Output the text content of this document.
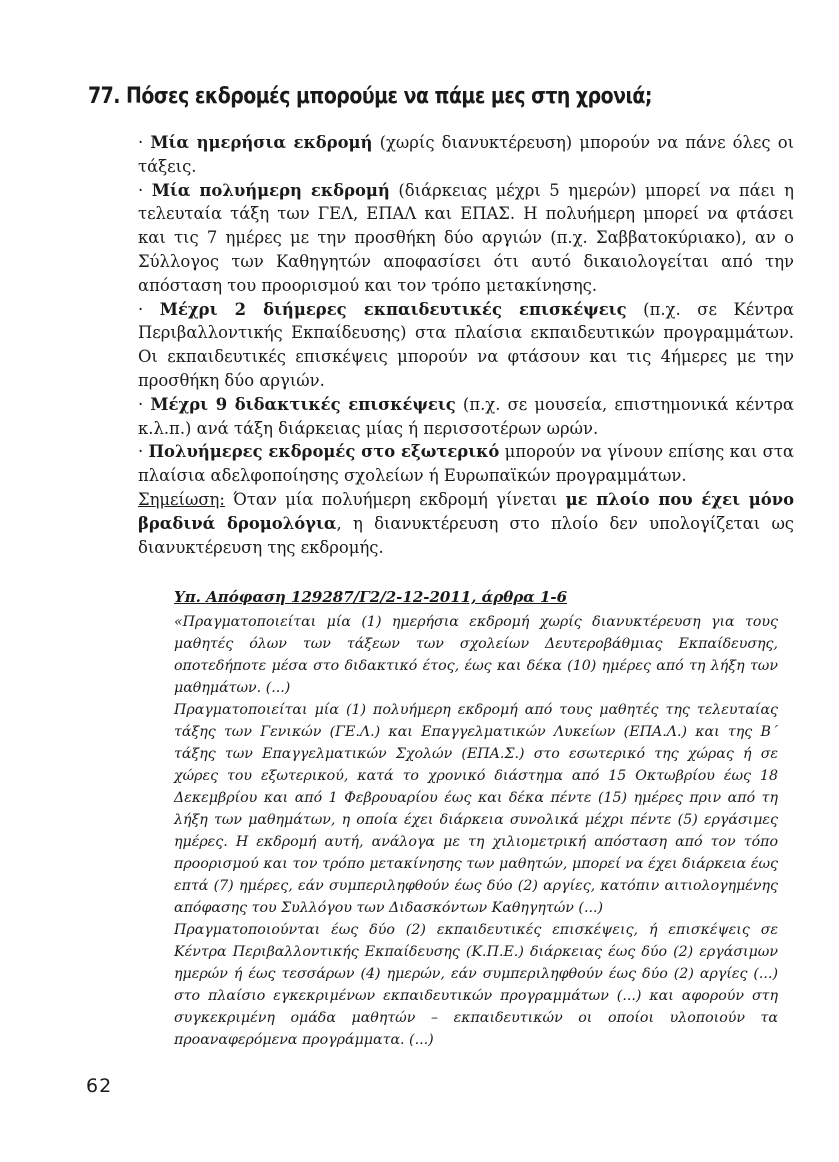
77. Πόσες εκδρομές μπορούμε να πάμε μες στη χρονιά;

· Μία ημερήσια εκδρομή (χωρίς διανυκτέρευση) μπορούν να πάνε όλες οι τάξεις.

· Μία πολυήμερη εκδρομή (διάρκειας μέχρι 5 ημερών) μπορεί να πάει η τελευταία τάξη των ΓΕΛ, ΕΠΑΛ και ΕΠΑΣ. Η πολυήμερη μπορεί να φτάσει και τις 7 ημέρες με την προσθήκη δύο αργιών (π.χ. Σαββατοκύριακο), αν ο Σύλλογος των Καθηγητών αποφασίσει ότι αυτό δικαιολογείται από την απόσταση του προορισμού και τον τρόπο μετακίνησης.

· Μέχρι 2 διήμερες εκπαιδευτικές επισκέψεις (π.χ. σε Κέντρα Περιβαλλοντικής Εκπαίδευσης) στα πλαίσια εκπαιδευτικών προγραμμάτων. Οι εκπαιδευτικές επισκέψεις μπορούν να φτάσουν και τις 4ήμερες με την προσθήκη δύο αργιών.

· Μέχρι 9 διδακτικές επισκέψεις (π.χ. σε μουσεία, επιστημονικά κέντρα κ.λ.π.) ανά τάξη διάρκειας μίας ή περισσοτέρων ωρών.

· Πολυήμερες εκδρομές στο εξωτερικό μπορούν να γίνουν επίσης και στα πλαίσια αδελφοποίησης σχολείων ή Ευρωπαϊκών προγραμμάτων.

Σημείωση: Όταν μία πολυήμερη εκδρομή γίνεται με πλοίο που έχει μόνο βραδινά δρομολόγια, η διανυκτέρευση στο πλοίο δεν υπολογίζεται ως διανυκτέρευση της εκδρομής.

Υπ. Απόφαση 129287/Γ2/2-12-2011, άρθρα 1-6

«Πραγματοποιείται μία (1) ημερήσια εκδρομή χωρίς διανυκτέρευση για τους μαθητές όλων των τάξεων των σχολείων Δευτεροβάθμιας Εκπαίδευσης, οποτεδήποτε μέσα στο διδακτικό έτος, έως και δέκα (10) ημέρες από τη λήξη των μαθημάτων. (...)

Πραγματοποιείται μία (1) πολυήμερη εκδρομή από τους μαθητές της τελευταίας τάξης των Γενικών (ΓΕ.Λ.) και Επαγγελματικών Λυκείων (ΕΠΑ.Λ.) και της Β΄ τάξης των Επαγγελματικών Σχολών (ΕΠΑ.Σ.) στο εσωτερικό της χώρας ή σε χώρες του εξωτερικού, κατά το χρονικό διάστημα από 15 Οκτωβρίου έως 18 Δεκεμβρίου και από 1 Φεβρουαρίου έως και δέκα πέντε (15) ημέρες πριν από τη λήξη των μαθημάτων, η οποία έχει διάρκεια συνολικά μέχρι πέντε (5) εργάσιμες ημέρες. Η εκδρομή αυτή, ανάλογα με τη χιλιομετρική απόσταση από τον τόπο προορισμού και τον τρόπο μετακίνησης των μαθητών, μπορεί να έχει διάρκεια έως επτά (7) ημέρες, εάν συμπεριληφθούν έως δύο (2) αργίες, κατόπιν αιτιολογημένης απόφασης του Συλλόγου των Διδασκόντων Καθηγητών (...)

Πραγματοποιούνται έως δύο (2) εκπαιδευτικές επισκέψεις, ή επισκέψεις σε Κέντρα Περιβαλλοντικής Εκπαίδευσης (Κ.Π.Ε.) διάρκειας έως δύο (2) εργάσιμων ημερών ή έως τεσσάρων (4) ημερών, εάν συμπεριληφθούν έως δύο (2) αργίες (...) στο πλαίσιο εγκεκριμένων εκπαιδευτικών προγραμμάτων (...) και αφορούν στη συγκεκριμένη ομάδα μαθητών – εκπαιδευτικών οι οποίοι υλοποιούν τα προαναφερόμενα προγράμματα. (...)

62
